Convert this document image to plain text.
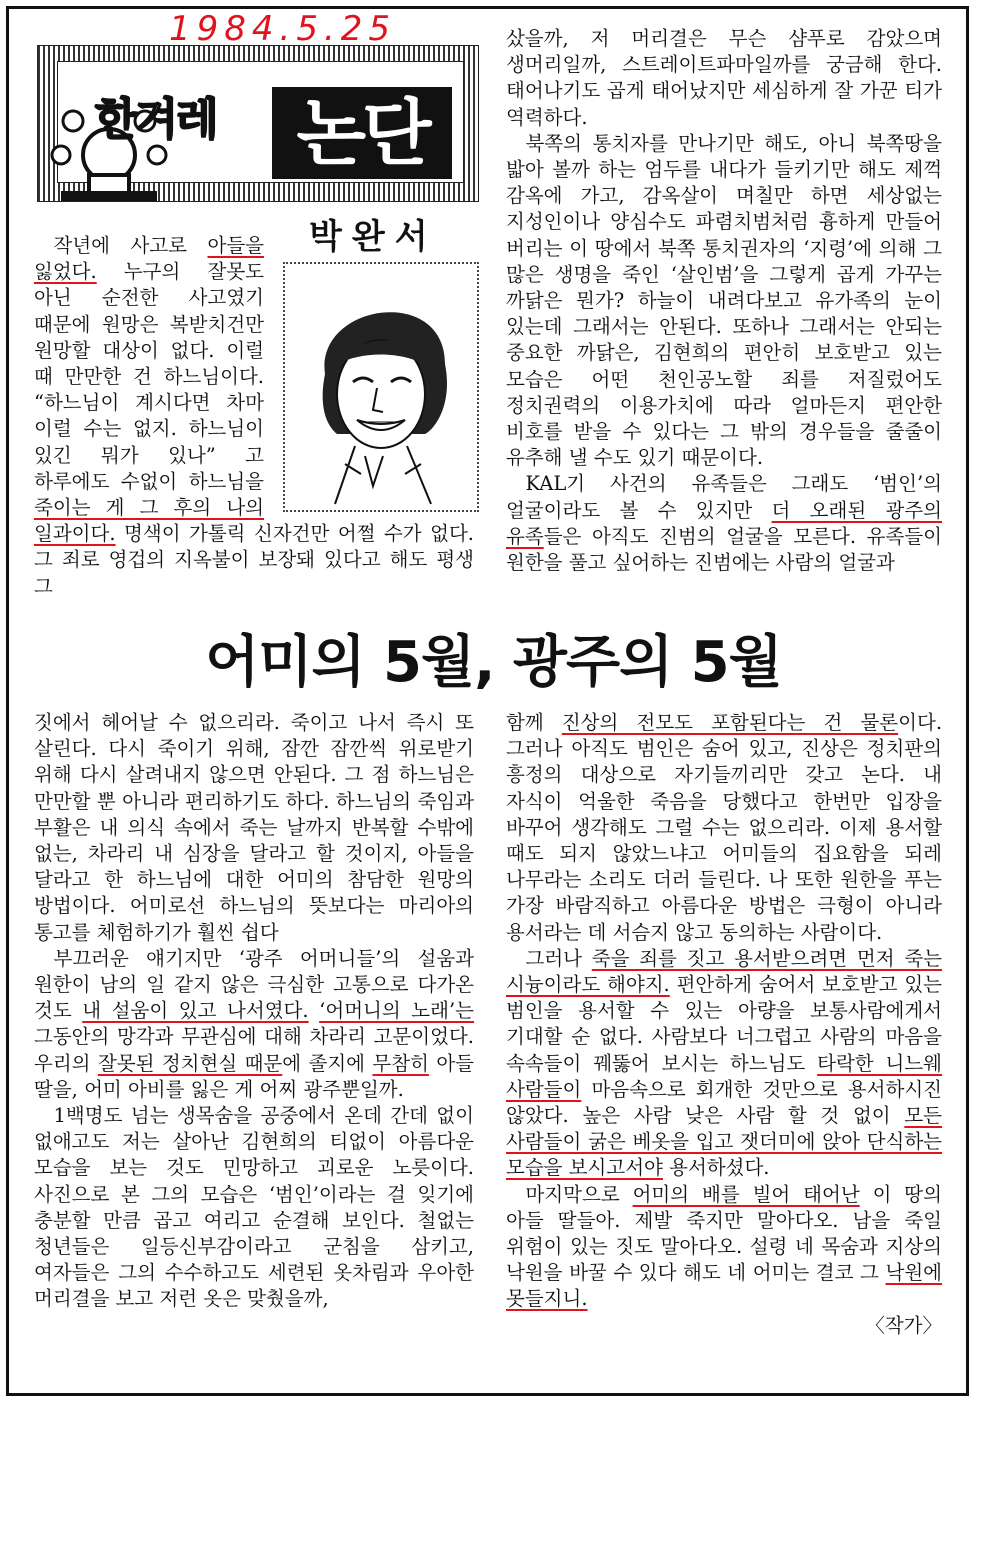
한겨레	논단
박완서
1984.5.25

작년에 사고로 아들을 잃었다. 누구의 잘못도 아닌 순전한 사고였기 때문에 원망은 복받치건만 원망할 대상이 없다. 이럴 때 만만한 건 하느님이다. “하느님이 계시다면 차마 이럴 수는 없지. 하느님이 있긴 뭐가 있나” 고 하루에도 수없이 하느님을 죽이는 게 그 후의 나의 일과이다. 명색이 가톨릭 신자건만 어쩔 수가 없다. 그 죄로 영겁의 지옥불이 보장돼 있다고 해도 평생 그

샀을까, 저 머리결은 무슨 샴푸로 감았으며 생머리일까, 스트레이트파마일까를 궁금해 한다. 태어나기도 곱게 태어났지만 세심하게 잘 가꾼 티가 역력하다.

북쪽의 통치자를 만나기만 해도, 아니 북쪽땅을 밟아 볼까 하는 엄두를 내다가 들키기만 해도 제꺽 감옥에 가고, 감옥살이 며칠만 하면 세상없는 지성인이나 양심수도 파렴치범처럼 흉하게 만들어 버리는 이 땅에서 북쪽 통치권자의 ‘지령’에 의해 그 많은 생명을 죽인 ‘살인범’을 그렇게 곱게 가꾸는 까닭은 뭔가? 하늘이 내려다보고 유가족의 눈이 있는데 그래서는 안된다. 또하나 그래서는 안되는 중요한 까닭은, 김현희의 편안히 보호받고 있는 모습은 어떤 천인공노할 죄를 저질렀어도 정치권력의 이용가치에 따라 얼마든지 편안한 비호를 받을 수 있다는 그 밖의 경우들을 줄줄이 유추해 낼 수도 있기 때문이다.

KAL기 사건의 유족들은 그래도 ‘범인’의 얼굴이라도 볼 수 있지만 더 오래된 광주의 유족들은 아직도 진범의 얼굴을 모른다. 유족들이 원한을 풀고 싶어하는 진범에는 사람의 얼굴과

어미의 5월, 광주의 5월

짓에서 헤어날 수 없으리라. 죽이고 나서 즉시 또 살린다. 다시 죽이기 위해, 잠깐 잠깐씩 위로받기 위해 다시 살려내지 않으면 안된다. 그 점 하느님은 만만할 뿐 아니라 편리하기도 하다. 하느님의 죽임과 부활은 내 의식 속에서 죽는 날까지 반복할 수밖에 없는, 차라리 내 심장을 달라고 할 것이지, 아들을 달라고 한 하느님에 대한 어미의 참담한 원망의 방법이다. 어미로선 하느님의 뜻보다는 마리아의 통고를 체험하기가 훨씬 쉽다

부끄러운 얘기지만 ‘광주 어머니들’의 설움과 원한이 남의 일 같지 않은 극심한 고통으로 다가온 것도 내 설움이 있고 나서였다. ‘어머니의 노래’는 그동안의 망각과 무관심에 대해 차라리 고문이었다. 우리의 잘못된 정치현실 때문에 졸지에 무참히 아들 딸을, 어미 아비를 잃은 게 어찌 광주뿐일까.

1백명도 넘는 생목숨을 공중에서 온데 간데 없이 없애고도 저는 살아난 김현희의 티없이 아름다운 모습을 보는 것도 민망하고 괴로운 노릇이다. 사진으로 본 그의 모습은 ‘범인’이라는 걸 잊기에 충분할 만큼 곱고 여리고 순결해 보인다. 철없는 청년들은 일등신부감이라고 군침을 삼키고, 여자들은 그의 수수하고도 세련된 옷차림과 우아한 머리결을 보고 저런 옷은 맞췄을까,

함께 진상의 전모도 포함된다는 건 물론이다. 그러나 아직도 범인은 숨어 있고, 진상은 정치판의 흥정의 대상으로 자기들끼리만 갖고 논다. 내 자식이 억울한 죽음을 당했다고 한번만 입장을 바꾸어 생각해도 그럴 수는 없으리라. 이제 용서할 때도 되지 않았느냐고 어미들의 집요함을 되레 나무라는 소리도 더러 들린다. 나 또한 원한을 푸는 가장 바람직하고 아름다운 방법은 극형이 아니라 용서라는 데 서슴지 않고 동의하는 사람이다.

그러나 죽을 죄를 짓고 용서받으려면 먼저 죽는 시늉이라도 해야지. 편안하게 숨어서 보호받고 있는 범인을 용서할 수 있는 아량을 보통사람에게서 기대할 순 없다. 사람보다 너그럽고 사람의 마음을 속속들이 꿰뚫어 보시는 하느님도 타락한 니느웨 사람들이 마음속으로 회개한 것만으로 용서하시진 않았다. 높은 사람 낮은 사람 할 것 없이 모든 사람들이 굵은 베옷을 입고 잿더미에 앉아 단식하는 모습을 보시고서야 용서하셨다.

마지막으로 어미의 배를 빌어 태어난 이 땅의 아들 딸들아. 제발 죽지만 말아다오. 남을 죽일 위험이 있는 짓도 말아다오. 설령 네 목숨과 지상의 낙원을 바꿀 수 있다 해도 네 어미는 결코 그 낙원에 못들지니.

〈작가〉
